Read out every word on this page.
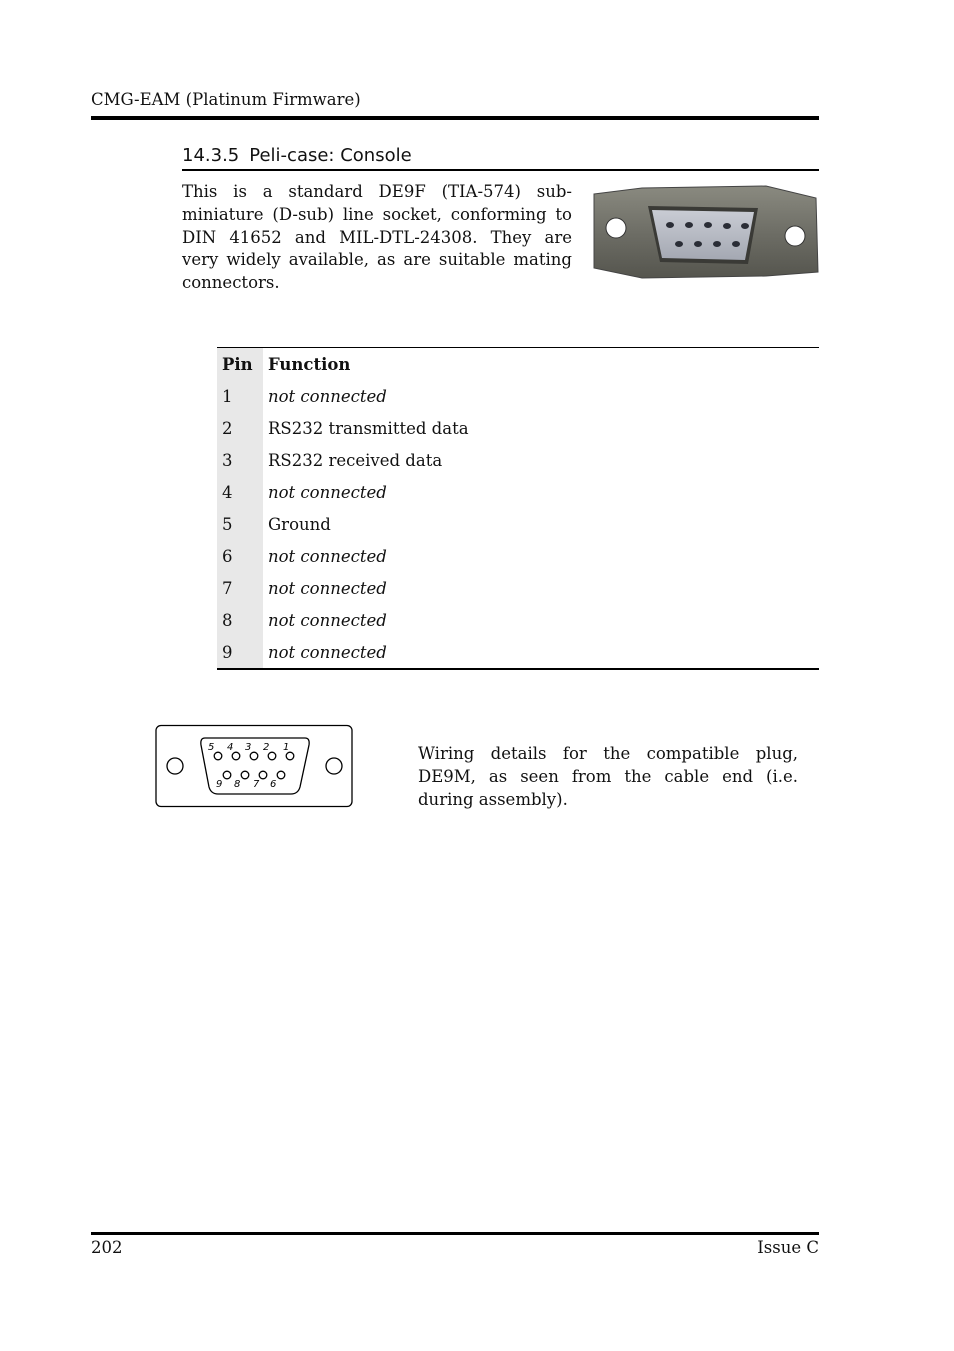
CMG-EAM (Platinum Firmware)
14.3.5 Peli-case: Console
This is a standard DE9F (TIA-574) sub-miniature (D-sub) line socket, conforming to DIN 41652 and MIL-DTL-24308. They are very widely available, as are suitable mating connectors.
Pin	Function
1	not connected
2	RS232 transmitted data
3	RS232 received data
4	not connected
5	Ground
6	not connected
7	not connected
8	not connected
9	not connected
5 4 3 2 1
9 8 7 6
Wiring details for the compatible plug, DE9M, as seen from the cable end (i.e. during assembly).
202	Issue C
